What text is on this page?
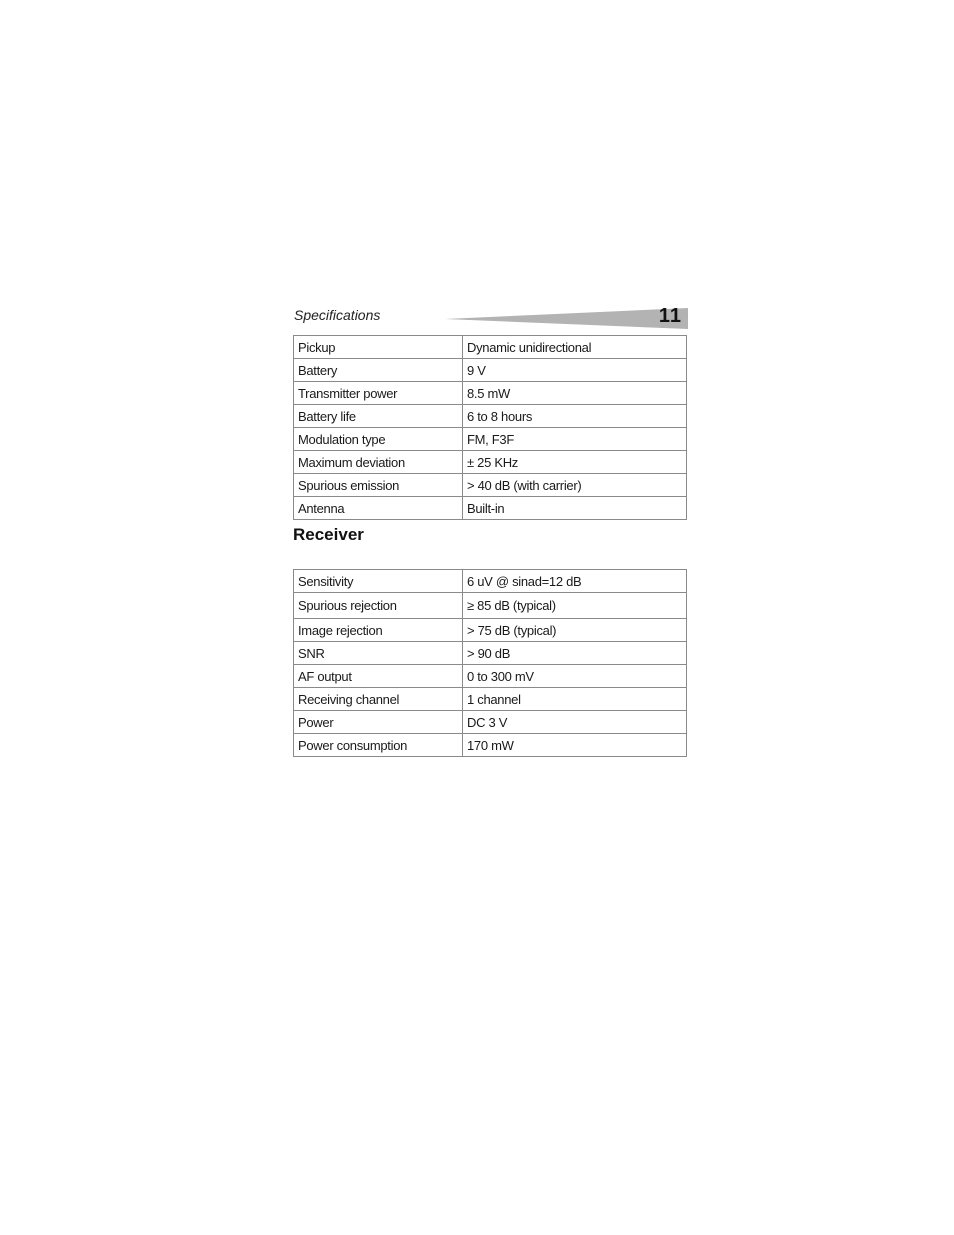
Specifications	11
Pickup	Dynamic unidirectional
Battery	9 V
Transmitter power	8.5 mW
Battery life	6 to 8 hours
Modulation type	FM, F3F
Maximum deviation	± 25 KHz
Spurious emission	> 40 dB (with carrier)
Antenna	Built-in
Receiver
Sensitivity	6 uV @ sinad=12 dB
Spurious rejection	≥ 85 dB (typical)
Image rejection	> 75 dB (typical)
SNR	> 90 dB
AF output	0 to 300 mV
Receiving channel	1 channel
Power	DC 3 V
Power consumption	170 mW
